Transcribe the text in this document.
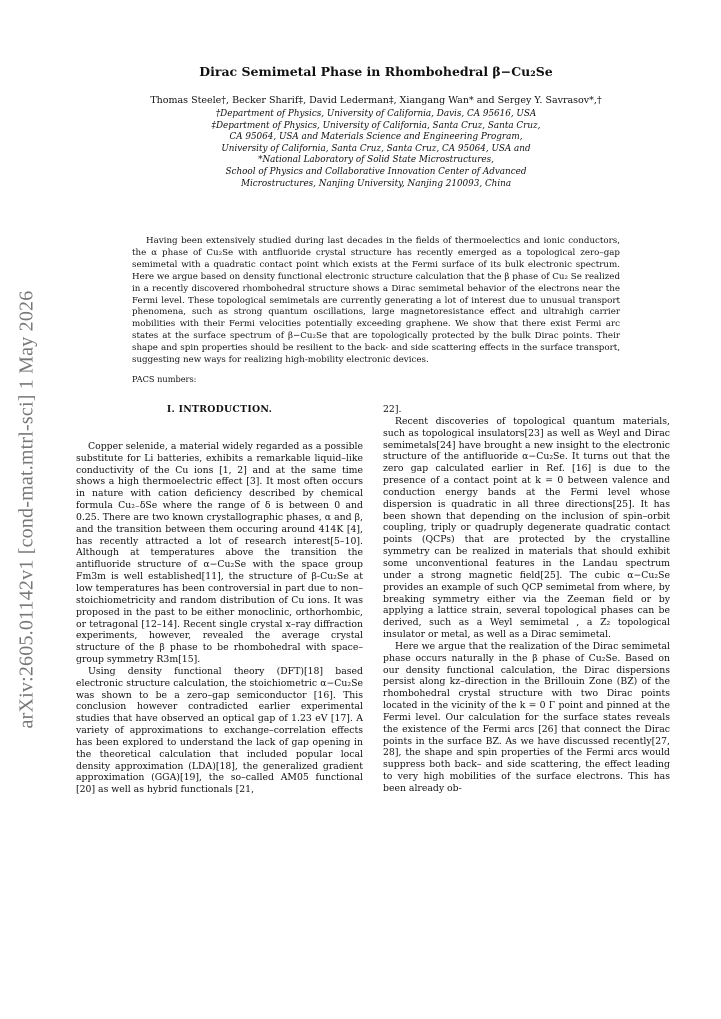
arXiv:2605.01142v1 [cond-mat.mtrl-sci] 1 May 2026
Dirac Semimetal Phase in Rhombohedral β−Cu₂Se
Thomas Steele†, Becker Sharif‡, David Lederman‡, Xiangang Wan* and Sergey Y. Savrasov*,†
†Department of Physics, University of California, Davis, CA 95616, USA
‡Department of Physics, University of California, Santa Cruz, Santa Cruz,
CA 95064, USA and Materials Science and Engineering Program,
University of California, Santa Cruz, Santa Cruz, CA 95064, USA and
*National Laboratory of Solid State Microstructures,
School of Physics and Collaborative Innovation Center of Advanced
Microstructures, Nanjing University, Nanjing 210093, China
Having been extensively studied during last decades in the fields of thermoelectics and ionic conductors, the α phase of Cu₂Se with antfluoride crystal structure has recently emerged as a topological zero–gap semimetal with a quadratic contact point which exists at the Fermi surface of its bulk electronic spectrum. Here we argue based on density functional electronic structure calculation that the β phase of Cu₂ Se realized in a recently discovered rhombohedral structure shows a Dirac semimetal behavior of the electrons near the Fermi level. These topological semimetals are currently generating a lot of interest due to unusual transport phenomena, such as strong quantum oscillations, large magnetoresistance effect and ultrahigh carrier mobilities with their Fermi velocities potentially exceeding graphene. We show that there exist Fermi arc states at the surface spectrum of β−Cu₂Se that are topologically protected by the bulk Dirac points. Their shape and spin properties should be resilient to the back- and side scattering effects in the surface transport, suggesting new ways for realizing high-mobility electronic devices.
PACS numbers:
I. INTRODUCTION.

Copper selenide, a material widely regarded as a possible substitute for Li batteries, exhibits a remarkable liquid–like conductivity of the Cu ions [1, 2] and at the same time shows a high thermoelectric effect [3]. It most often occurs in nature with cation deficiency described by chemical formula Cu₂₋δSe where the range of δ is between 0 and 0.25. There are two known crystallographic phases, α and β, and the transition between them occuring around 414K [4], has recently attracted a lot of research interest[5–10]. Although at temperatures above the transition the antifluoride structure of α−Cu₂Se with the space group Fm3m is well established[11], the structure of β-Cu₂Se at low temperatures has been controversial in part due to non–stoichiometricity and random distribution of Cu ions. It was proposed in the past to be either monoclinic, orthorhombic, or tetragonal [12–14]. Recent single crystal x–ray diffraction experiments, however, revealed the average crystal structure of the β phase to be rhombohedral with space–group symmetry R3m[15].

Using density functional theory (DFT)[18] based electronic structure calculation, the stoichiometric α−Cu₂Se was shown to be a zero–gap semiconductor [16]. This conclusion however contradicted earlier experimental studies that have observed an optical gap of 1.23 eV [17]. A variety of approximations to exchange–correlation effects has been explored to understand the lack of gap opening in the theoretical calculation that included popular local density approximation (LDA)[18], the generalized gradient approximation (GGA)[19], the so–called AM05 functional [20] as well as hybrid functionals [21,

22].

Recent discoveries of topological quantum materials, such as topological insulators[23] as well as Weyl and Dirac semimetals[24] have brought a new insight to the electronic structure of the antifluoride α−Cu₂Se. It turns out that the zero gap calculated earlier in Ref. [16] is due to the presence of a contact point at k = 0 between valence and conduction energy bands at the Fermi level whose dispersion is quadratic in all three directions[25]. It has been shown that depending on the inclusion of spin–orbit coupling, triply or quadruply degenerate quadratic contact points (QCPs) that are protected by the crystalline symmetry can be realized in materials that should exhibit some unconventional features in the Landau spectrum under a strong magnetic field[25]. The cubic α−Cu₂Se provides an example of such QCP semimetal from where, by breaking symmetry either via the Zeeman field or by applying a lattice strain, several topological phases can be derived, such as a Weyl semimetal , a Z₂ topological insulator or metal, as well as a Dirac semimetal.

Here we argue that the realization of the Dirac semimetal phase occurs naturally in the β phase of Cu₂Se. Based on our density functional calculation, the Dirac dispersions persist along kz–direction in the Brillouin Zone (BZ) of the rhombohedral crystal structure with two Dirac points located in the vicinity of the k = 0 Γ point and pinned at the Fermi level. Our calculation for the surface states reveals the existence of the Fermi arcs [26] that connect the Dirac points in the surface BZ. As we have discussed recently[27, 28], the shape and spin properties of the Fermi arcs would suppress both back– and side scattering, the effect leading to very high mobilities of the surface electrons. This has been already ob-
